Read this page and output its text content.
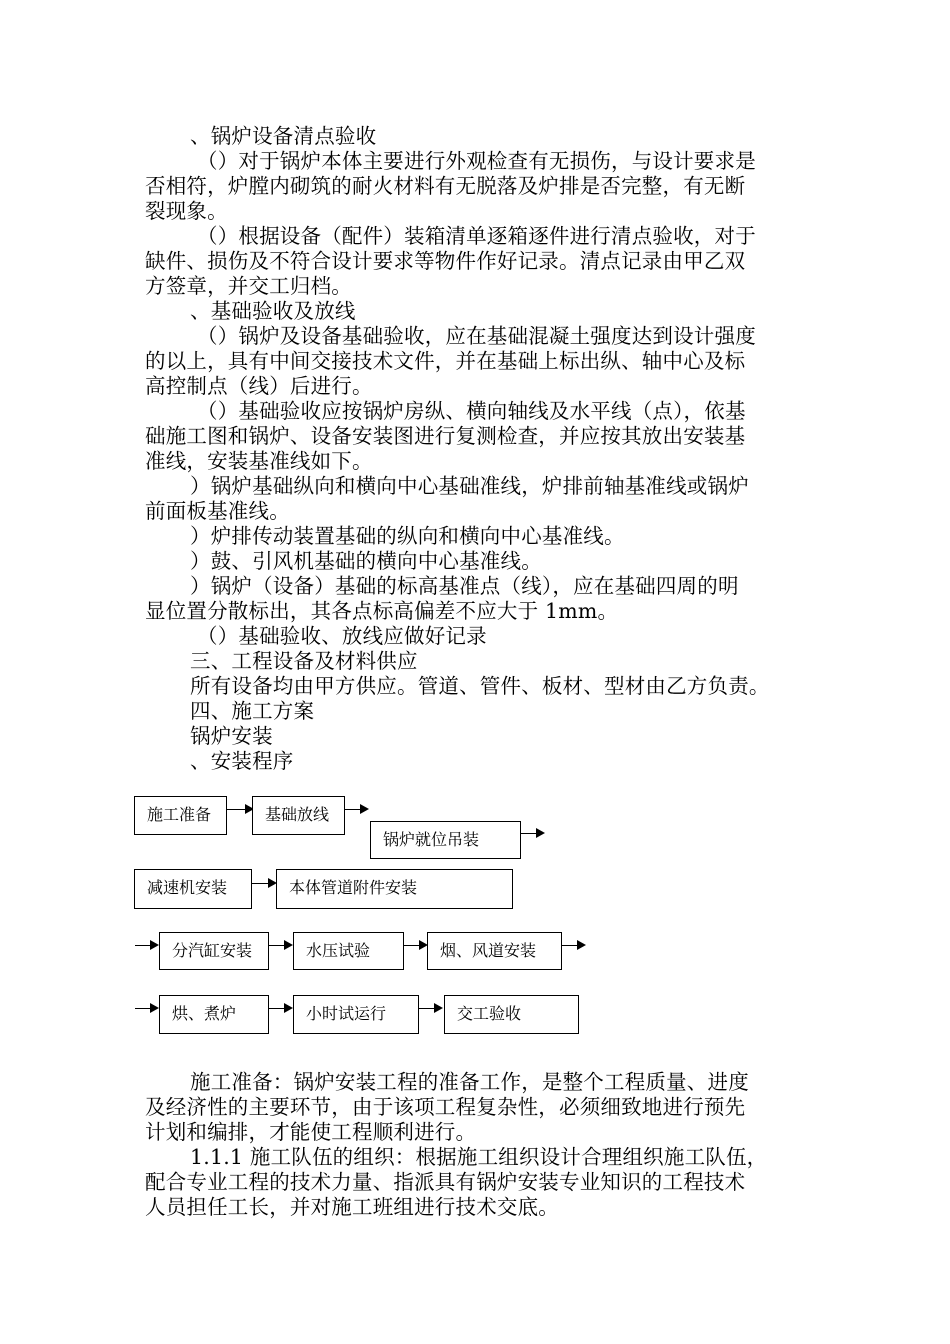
、锅炉设备清点验收
（）对于锅炉本体主要进行外观检查有无损伤，与设计要求是
否相符，炉膛内砌筑的耐火材料有无脱落及炉排是否完整，有无断
裂现象。
（）根据设备（配件）装箱清单逐箱逐件进行清点验收，对于
缺件、损伤及不符合设计要求等物件作好记录。清点记录由甲乙双
方签章，并交工归档。
、基础验收及放线
（）锅炉及设备基础验收，应在基础混凝土强度达到设计强度
的以上，具有中间交接技术文件，并在基础上标出纵、轴中心及标
高控制点（线）后进行。
（）基础验收应按锅炉房纵、横向轴线及水平线（点），依基
础施工图和锅炉、设备安装图进行复测检查，并应按其放出安装基
准线，安装基准线如下。
）锅炉基础纵向和横向中心基础准线，炉排前轴基准线或锅炉
前面板基准线。
）炉排传动装置基础的纵向和横向中心基准线。
）鼓、引风机基础的横向中心基准线。
）锅炉（设备）基础的标高基准点（线），应在基础四周的明
显位置分散标出，其各点标高偏差不应大于 1mm。
（）基础验收、放线应做好记录
三、工程设备及材料供应
所有设备均由甲方供应。管道、管件、板材、型材由乙方负责。
四、施工方案
锅炉安装
、安装程序
施工准备	基础放线
锅炉就位吊装
减速机安装	本体管道附件安装
分汽缸安装	水压试验	烟、风道安装
烘、煮炉	小时试运行	交工验收
施工准备：锅炉安装工程的准备工作，是整个工程质量、进度
及经济性的主要环节，由于该项工程复杂性，必须细致地进行预先
计划和编排，才能使工程顺利进行。
1.1.1 施工队伍的组织：根据施工组织设计合理组织施工队伍，
配合专业工程的技术力量、指派具有锅炉安装专业知识的工程技术
人员担任工长，并对施工班组进行技术交底。
